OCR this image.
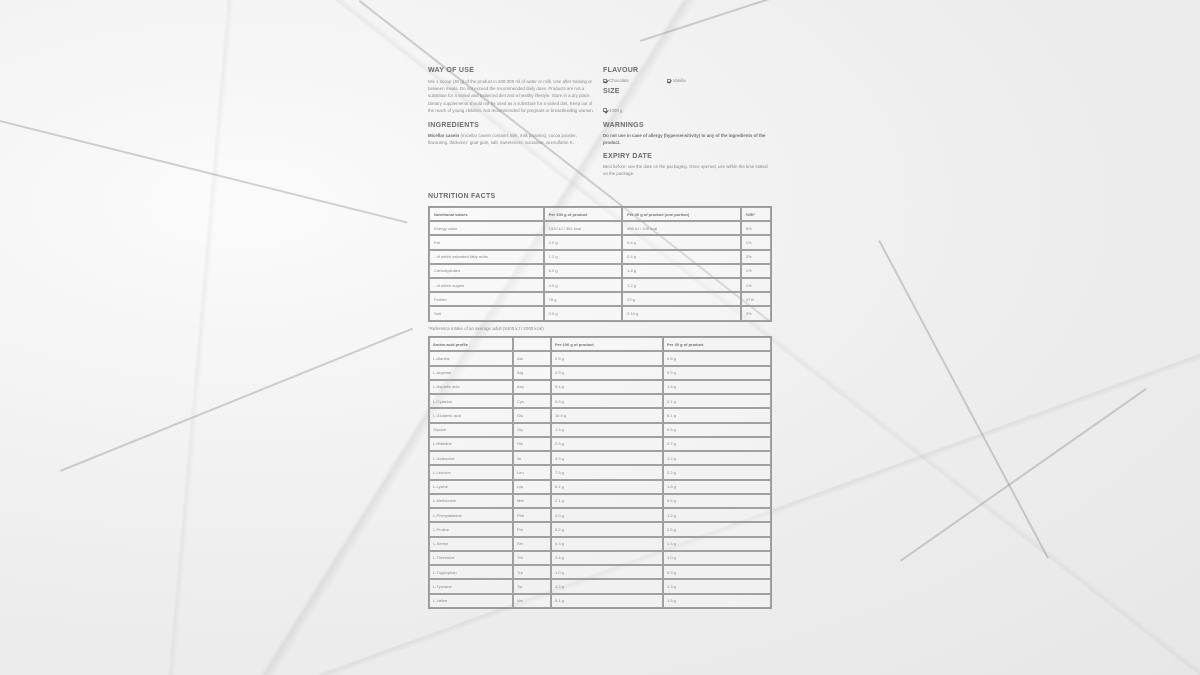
WAY OF USE
Mix 1 scoop (30 g) of the product in 200-300 ml of water or milk. Use after training or between meals. Do not exceed the recommended daily dose. Products are not a substitute for a varied and balanced diet and a healthy lifestyle. Store in a dry place.
Dietary supplements should not be used as a substitute for a varied diet. Keep out of the reach of young children. Not recommended for pregnant or breastfeeding women.
INGREDIENTS
Micellar casein (micellar casein contains milk, milk proteins), cocoa powder, flavouring, thickener: guar gum, salt, sweeteners: sucralose, acesulfame K.
FLAVOUR
Chocolate	Vanilla
SIZE
1000 g
WARNINGS
Do not use in case of allergy (hypersensitivity) to any of the ingredients of the product.
EXPIRY DATE
Best before: see the date on the packaging. Once opened, use within the time stated on the package.
NUTRITION FACTS
Nutritional values	Per 100 g of product	Per 30 g of product (one portion)	%RI*
Energy value	1520 kJ / 361 kcal	456 kJ / 108 kcal	5%
Fat	2.0 g	0.6 g	1%
- of which saturated fatty acids	1.2 g	0.4 g	2%
Carbohydrates	6.0 g	1.8 g	1%
- of which sugars	4.0 g	1.2 g	1%
Protein	78 g	23 g	47%
Salt	0.5 g	0.15 g	3%
*Reference intake of an average adult (8400 kJ / 2000 kcal)
Amino acid profile		Per 100 g of product	Per 30 g of product
L-Alanine	Ala	2.5 g	0.8 g
L-Arginine	Arg	2.9 g	0.9 g
L-Aspartic acid	Asp	5.4 g	1.6 g
L-Cysteine	Cys	0.3 g	0.1 g
L-Glutamic acid	Glu	16.9 g	5.1 g
Glycine	Gly	1.5 g	0.5 g
L-Histidine	His	2.3 g	0.7 g
L-Isoleucine	Ile	3.9 g	1.2 g
L-Leucine	Leu	7.3 g	2.2 g
L-Lysine	Lys	6.1 g	1.8 g
L-Methionine	Met	2.1 g	0.6 g
L-Phenylalanine	Phe	4.0 g	1.2 g
L-Proline	Pro	8.2 g	2.5 g
L-Serine	Ser	4.3 g	1.3 g
L-Threonine	Thr	3.4 g	1.0 g
L-Tryptophan	Trp	1.0 g	0.3 g
L-Tyrosine	Tyr	4.2 g	1.3 g
L-Valine	Val	5.1 g	1.5 g
